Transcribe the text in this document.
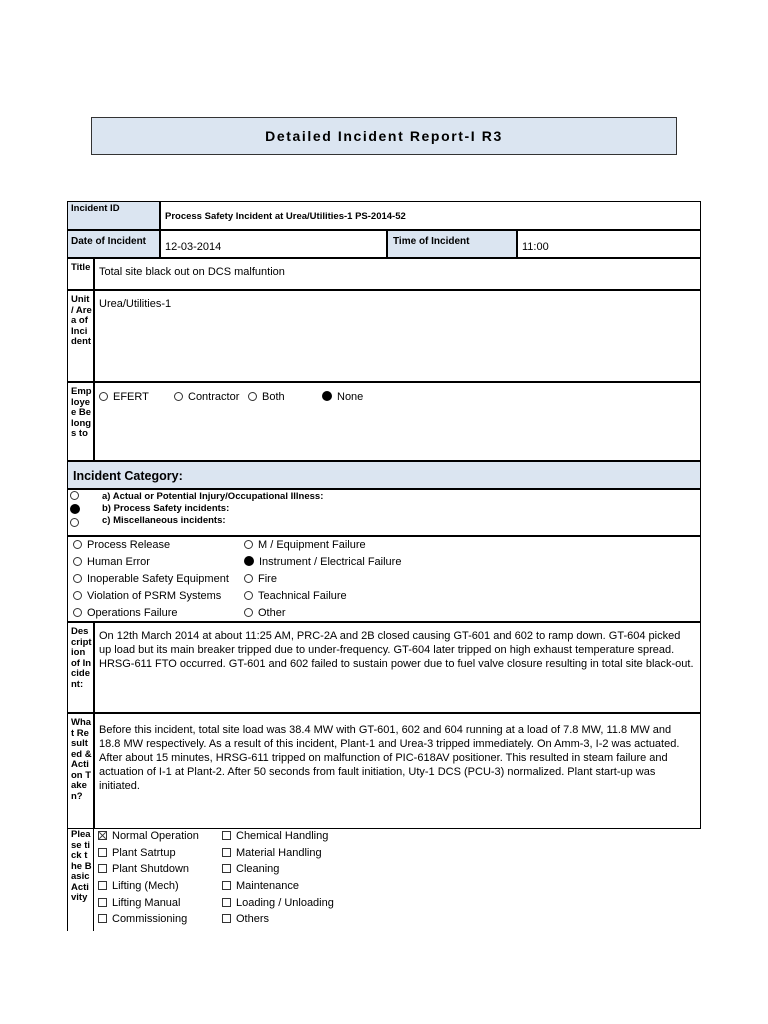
Detailed Incident Report-I R3
Incident ID
Process Safety Incident at Urea/Utilities-1 PS-2014-52
Date of Incident	12-03-2014	Time of Incident	11:00
Title Total site black out on DCS malfuntion
Unit / Area of Incident
Urea/Utilities-1
Employee Belongs to
EFERT	Contractor	Both	None
Incident Category:
a) Actual or Potential Injury/Occupational Illness:
b) Process Safety incidents:
c) Miscellaneous incidents:
Process Release
Human Error
Inoperable Safety Equipment
Violation of PSRM Systems
Operations Failure
M / Equipment Failure
Instrument / Electrical Failure
Fire
Teachnical Failure
Other
Description of Incident:
On 12th March 2014 at about 11:25 AM, PRC-2A and 2B closed causing GT-601 and 602 to ramp down. GT-604 picked up load but its main breaker tripped due to under-frequency. GT-604 later tripped on high exhaust temperature spread. HRSG-611 FTO occurred. GT-601 and 602 failed to sustain power due to fuel valve closure resulting in total site black-out.
What Resulted & Action Taken?
Before this incident, total site load was 38.4 MW with GT-601, 602 and 604 running at a load of 7.8 MW, 11.8 MW and 18.8 MW respectively. As a result of this incident, Plant-1 and Urea-3 tripped immediately. On Amm-3, I-2 was actuated. After about 15 minutes, HRSG-611 tripped on malfunction of PIC-618AV positioner. This resulted in steam failure and actuation of I-1 at Plant-2. After 50 seconds from fault initiation, Uty-1 DCS (PCU-3) normalized. Plant start-up was initiated.
Please tick the Basic Activity
Normal Operation
Plant Satrtup
Plant Shutdown
Lifting (Mech)
Lifting Manual
Commissioning
Chemical Handling
Material Handling
Cleaning
Maintenance
Loading / Unloading
Others
